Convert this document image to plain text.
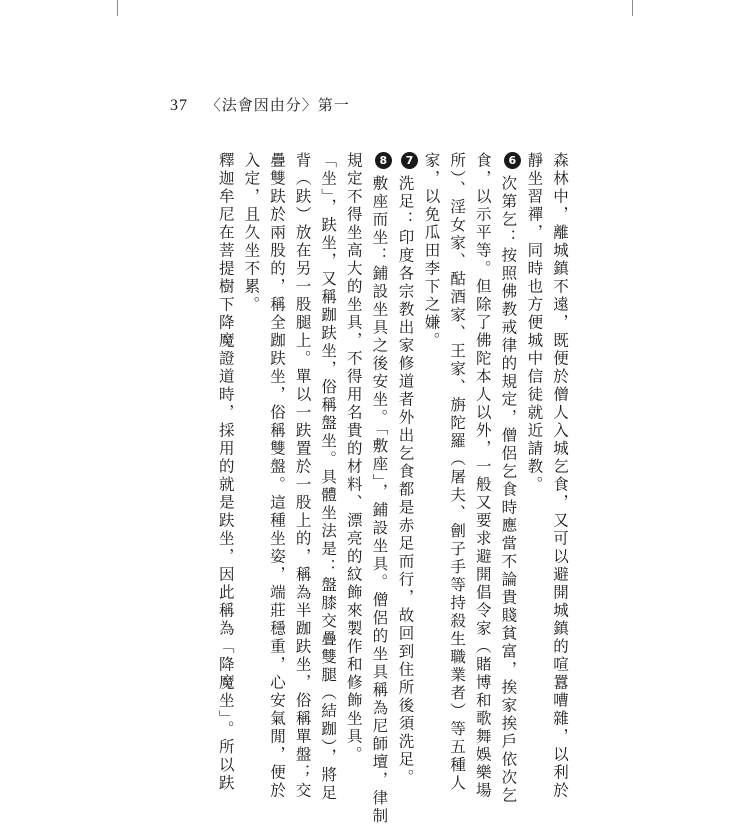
37 〈法會因由分〉第一
森林中，離城鎮不遠，既便於僧人入城乞食，又可以避開城鎮的喧囂嘈雜，以利於
靜坐習禪，同時也方便城中信徒就近請教。
6次第乞：按照佛教戒律的規定，僧侶乞食時應當不論貴賤貧富，挨家挨戶依次乞
食，以示平等。但除了佛陀本人以外，一般又要求避開倡令家（賭博和歌舞娛樂場
所）、淫女家、酤酒家、王家、旃陀羅（屠夫、劊子手等持殺生職業者）等五種人
家，以免瓜田李下之嫌。
7洗足：印度各宗教出家修道者外出乞食都是赤足而行，故回到住所後須洗足。
8敷座而坐：鋪設坐具之後安坐。「敷座」，鋪設坐具。僧侶的坐具稱為尼師壇，律制
規定不得坐高大的坐具，不得用名貴的材料、漂亮的紋飾來製作和修飾坐具。
「坐」，趺坐，又稱跏趺坐，俗稱盤坐。具體坐法是：盤膝交疊雙腿（結跏），將足
背（趺）放在另一股腿上。單以一趺置於一股上的，稱為半跏趺坐，俗稱單盤；交
疊雙趺於兩股的，稱全跏趺坐，俗稱雙盤。這種坐姿，端莊穩重，心安氣閒，便於
入定，且久坐不累。
釋迦牟尼在菩提樹下降魔證道時，採用的就是趺坐，因此稱為「降魔坐」。所以趺
